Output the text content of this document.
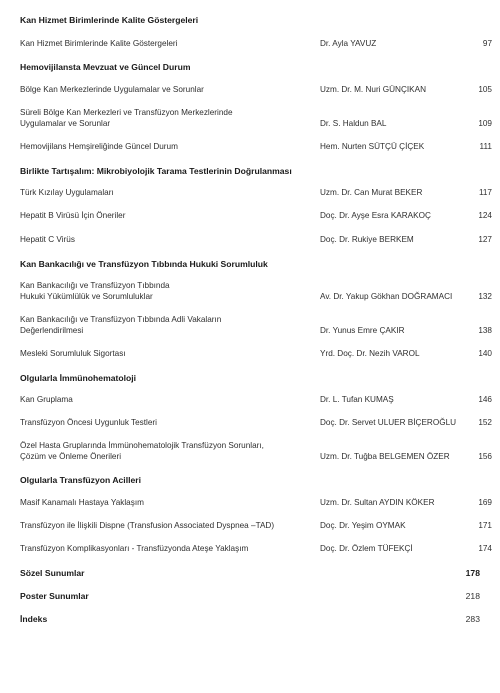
Kan Hizmet Birimlerinde Kalite Göstergeleri
Kan Hizmet Birimlerinde Kalite Göstergeleri	Dr. Ayla YAVUZ	97
Hemovijilansta Mevzuat ve Güncel Durum
Bölge Kan Merkezlerinde Uygulamalar ve Sorunlar	Uzm. Dr. M. Nuri GÜNÇIKAN	105
Süreli Bölge Kan Merkezleri ve Transfüzyon Merkezlerinde
Uygulamalar ve Sorunlar	Dr. S. Haldun BAL	109
Hemovijilans Hemşireliğinde Güncel Durum	Hem. Nurten SÜTÇÜ ÇİÇEK	111
Birlikte Tartışalım: Mikrobiyolojik Tarama Testlerinin Doğrulanması
Türk Kızılay Uygulamaları	Uzm. Dr. Can Murat BEKER	117
Hepatit B Virüsü İçin Öneriler	Doç. Dr. Ayşe Esra KARAKOÇ	124
Hepatit C Virüs	Doç. Dr. Rukiye BERKEM	127
Kan Bankacılığı ve Transfüzyon Tıbbında Hukuki Sorumluluk
Kan Bankacılığı ve Transfüzyon Tıbbında
Hukuki Yükümlülük ve Sorumluluklar	Av. Dr. Yakup Gökhan DOĞRAMACI	132
Kan Bankacılığı ve Transfüzyon Tıbbında Adli Vakaların
Değerlendirilmesi	Dr. Yunus Emre ÇAKIR	138
Mesleki Sorumluluk Sigortası	Yrd. Doç. Dr. Nezih VAROL	140
Olgularla İmmünohematoloji
Kan Gruplama	Dr. L. Tufan KUMAŞ	146
Transfüzyon Öncesi Uygunluk Testleri	Doç. Dr. Servet ULUER BİÇEROĞLU	152
Özel Hasta Gruplarında İmmünohematolojik Transfüzyon Sorunları,
Çözüm ve Önleme Önerileri	Uzm. Dr. Tuğba BELGEMEN ÖZER	156
Olgularla Transfüzyon Acilleri
Masif Kanamalı Hastaya Yaklaşım	Uzm. Dr. Sultan AYDIN KÖKER	169
Transfüzyon ile İlişkili Dispne (Transfusion Associated Dyspnea –TAD)	Doç. Dr. Yeşim OYMAK	171
Transfüzyon Komplikasyonları - Transfüzyonda Ateşe Yaklaşım	Doç. Dr. Özlem TÜFEKÇİ	174
Sözel Sunumlar	178
Poster Sunumlar	218
İndeks	283
